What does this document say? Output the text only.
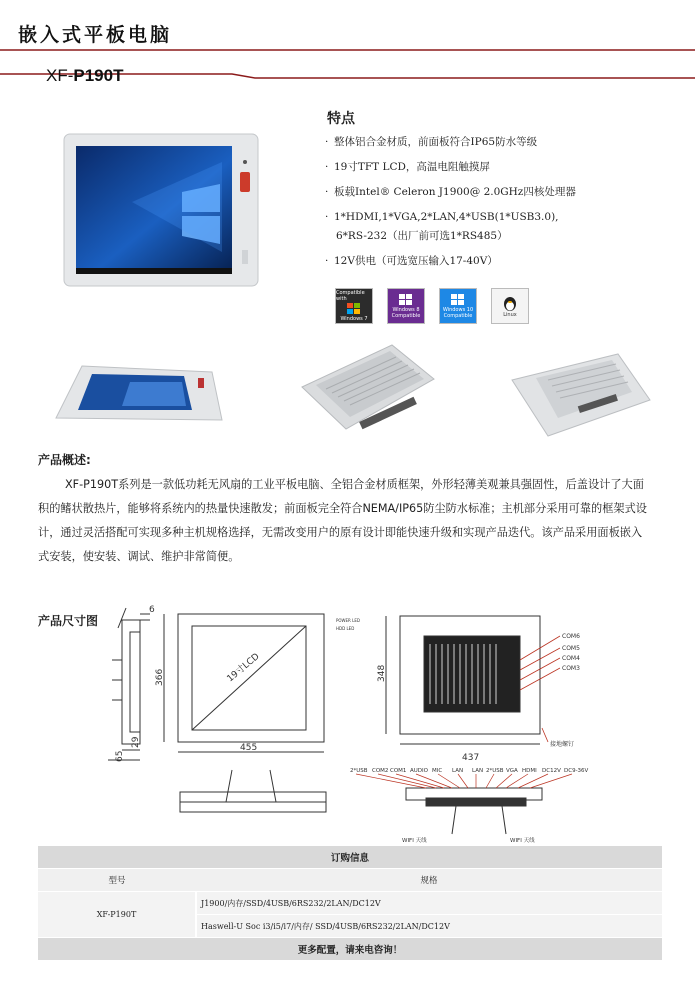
嵌入式平板电脑
XF-P190T
特点
· 整体铝合金材质，前面板符合IP65防水等级
· 19寸TFT LCD，高温电阻触摸屏
· 板载Intel® Celeron J1900@ 2.0GHz四核处理器
· 1*HDMI,1*VGA,2*LAN,4*USB(1*USB3.0),
6*RS-232（出厂前可选1*RS485）
· 12V供电（可选宽压输入17-40V）
Compatible with
Windows 7
Windows 8
Compatible
Windows 10
Compatible	Linux
产品概述:

XF-P190T系列是一款低功耗无风扇的工业平板电脑、全铝合金材质框架，外形轻薄美观兼具强固性，后盖设计了大面积的鳍状散热片，能够将系统内的热量快速散发；前面板完全符合NEMA/IP65防尘防水标准；主机部分采用可靠的框架式设计，通过灵活搭配可实现多种主机规格选择，无需改变用户的原有设计即能快速升级和实现产品迭代。该产品采用面板嵌入式安装，使安装、调试、维护非常简便。

产品尺寸图
6
29
65
366
455
19寸LCD
POWER LED
HDD LED
348
437
COM6
COM5
COM4
COM3
接地螺钉
2*USB COM2 COM1 AUDIO MIC LAN LAN 2*USB VGA HDMI DC12V DC9-36V
WIFI 天线	WIFI 天线
订购信息	
型号	规格
XF-P190T	J1900/内存/SSD/4USB/6RS232/2LAN/DC12V
	Haswell-U Soc i3/i5/i7/内存/ SSD/4USB/6RS232/2LAN/DC12V
更多配置，请来电咨询！	
